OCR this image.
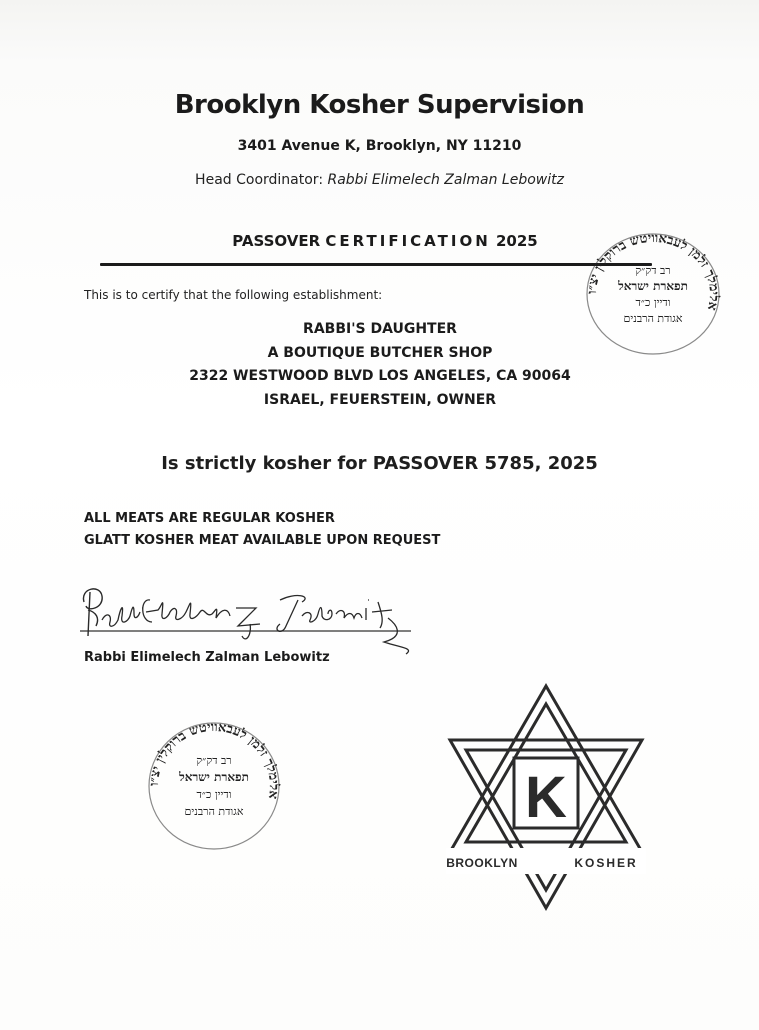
Brooklyn Kosher Supervision
3401 Avenue K, Brooklyn, NY 11210
Head Coordinator: Rabbi Elimelech Zalman Lebowitz
PASSOVER CERTIFICATION 2025
This is to certify that the following establishment:
RABBI'S DAUGHTER
A BOUTIQUE BUTCHER SHOP
2322 WESTWOOD BLVD LOS ANGELES, CA 90064
ISRAEL, FEUERSTEIN, OWNER
Is strictly kosher for PASSOVER 5785, 2025
ALL MEATS ARE REGULAR KOSHER
GLATT KOSHER MEAT AVAILABLE UPON REQUEST
Rabbi Elimelech Zalman Lebowitz
אלימלך זלמן לעבאוויטש ברוקלין יצ״ו
רב דק״ק
תפארת ישראל
ודיין כ״ד
אגודת הרבנים
אלימלך זלמן לעבאוויטש ברוקלין יצ״ו
רב דק״ק
תפארת ישראל
ודיין כ״ד
אגודת הרבנים	K
BROOKLYN	KOSHER
